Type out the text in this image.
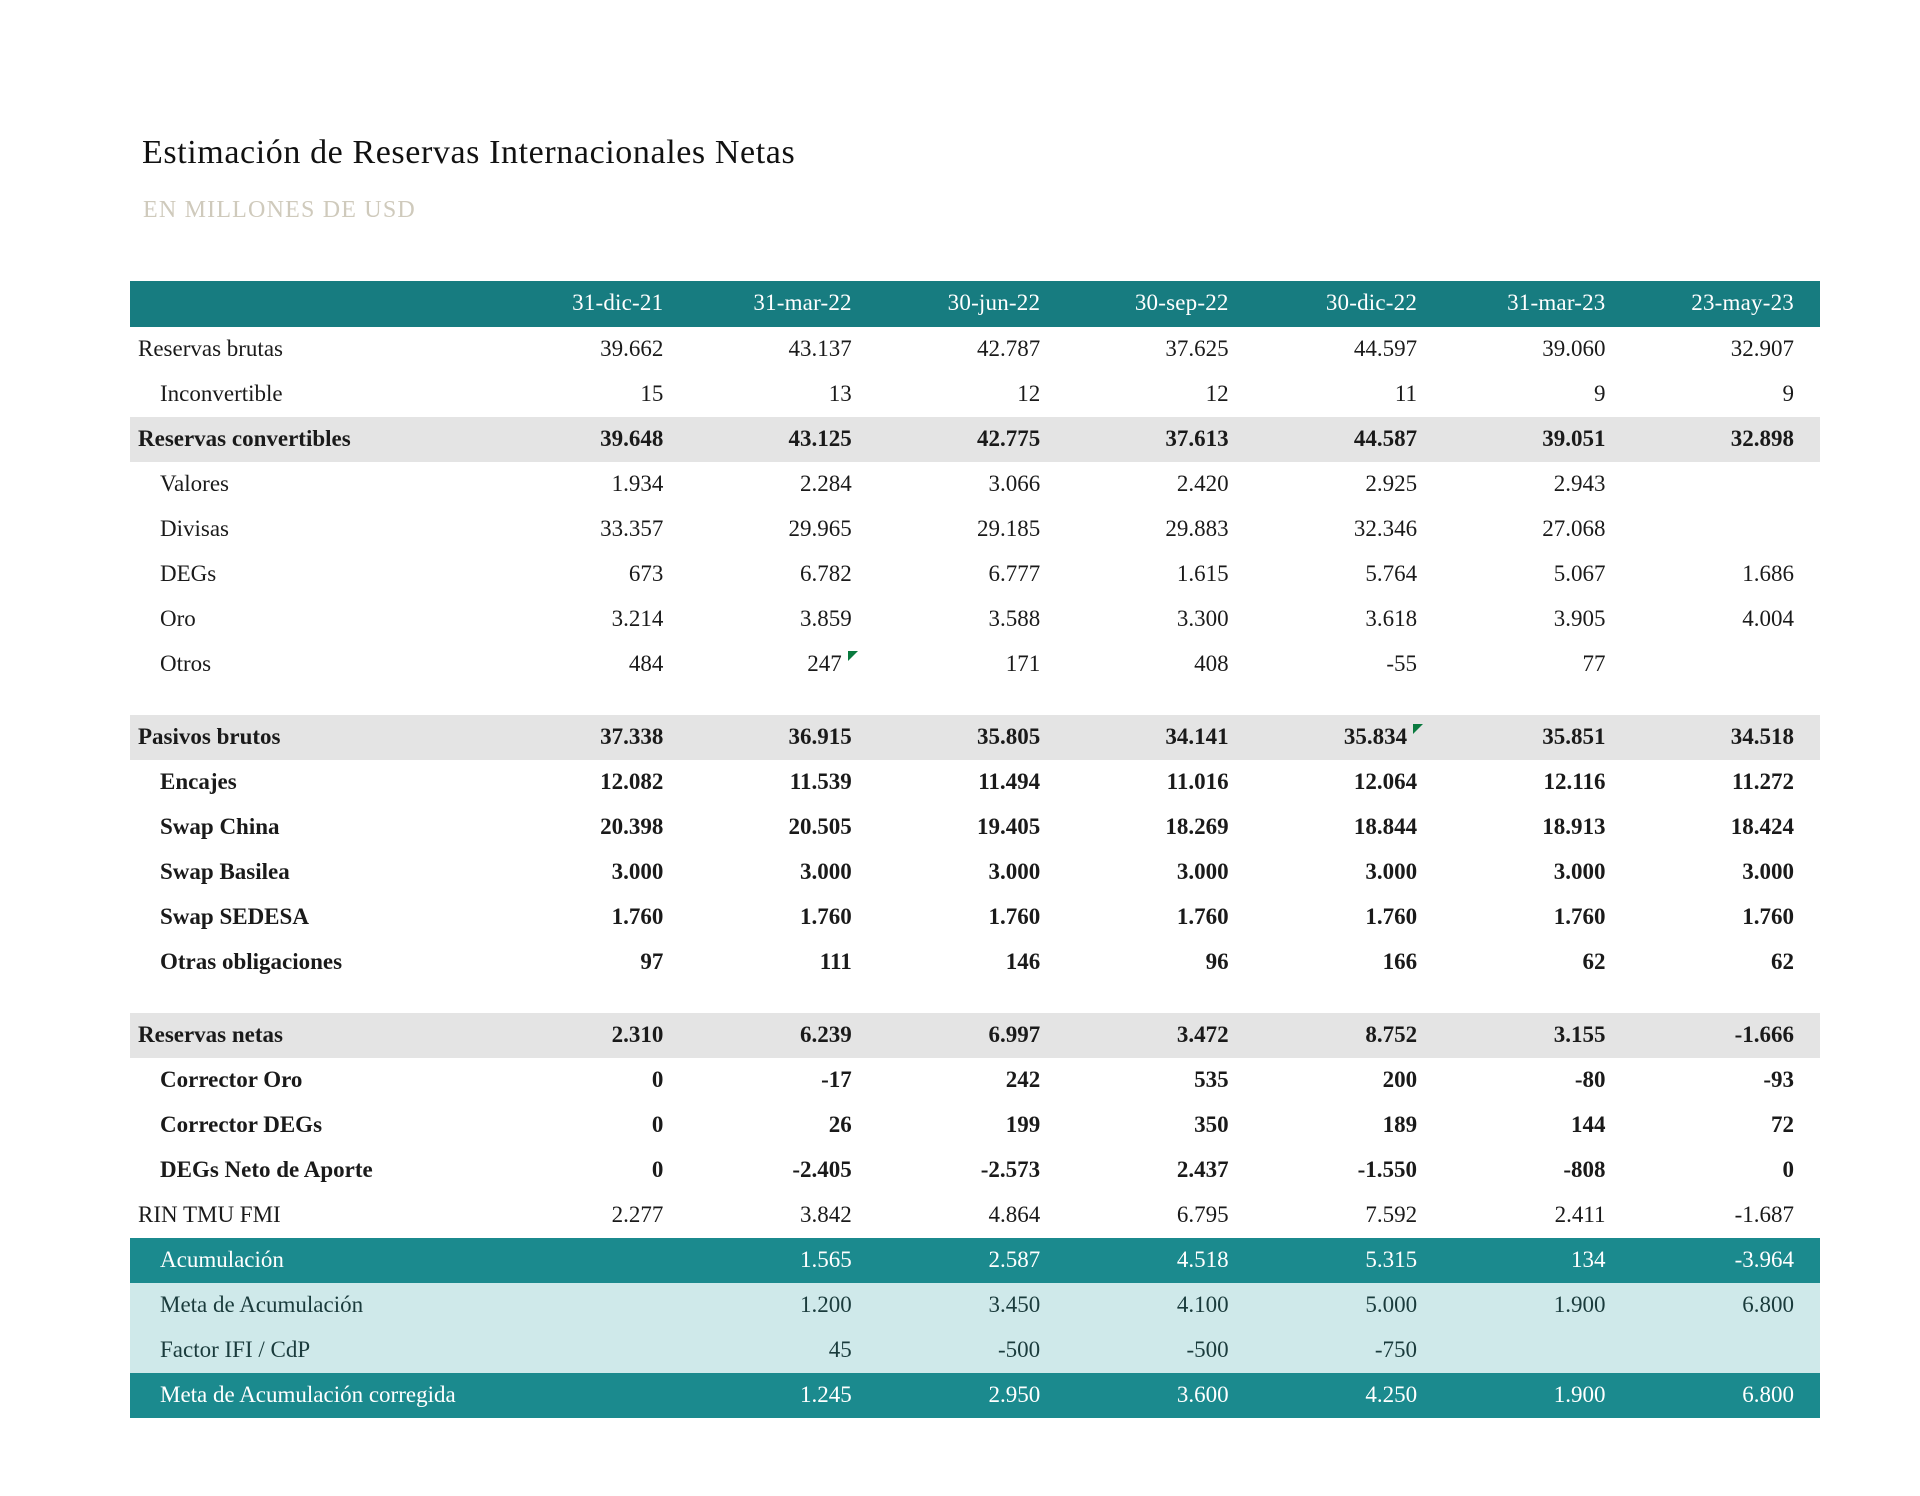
Estimación de Reservas Internacionales Netas
EN MILLONES DE USD
	31-dic-21	31-mar-22	30-jun-22	30-sep-22	30-dic-22	31-mar-23	23-may-23
Reservas brutas	39.662	43.137	42.787	37.625	44.597	39.060	32.907
Inconvertible	15	13	12	12	11	9	9
Reservas convertibles	39.648	43.125	42.775	37.613	44.587	39.051	32.898
Valores	1.934	2.284	3.066	2.420	2.925	2.943	
Divisas	33.357	29.965	29.185	29.883	32.346	27.068	
DEGs	673	6.782	6.777	1.615	5.764	5.067	1.686
Oro	3.214	3.859	3.588	3.300	3.618	3.905	4.004
Otros	484	247	171	408	-55	77	

Pasivos brutos	37.338	36.915	35.805	34.141	35.834	35.851	34.518
Encajes	12.082	11.539	11.494	11.016	12.064	12.116	11.272
Swap China	20.398	20.505	19.405	18.269	18.844	18.913	18.424
Swap Basilea	3.000	3.000	3.000	3.000	3.000	3.000	3.000
Swap SEDESA	1.760	1.760	1.760	1.760	1.760	1.760	1.760
Otras obligaciones	97	111	146	96	166	62	62

Reservas netas	2.310	6.239	6.997	3.472	8.752	3.155	-1.666
Corrector Oro	0	-17	242	535	200	-80	-93
Corrector DEGs	0	26	199	350	189	144	72
DEGs Neto de Aporte	0	-2.405	-2.573	2.437	-1.550	-808	0
RIN TMU FMI	2.277	3.842	4.864	6.795	7.592	2.411	-1.687
Acumulación		1.565	2.587	4.518	5.315	134	-3.964
Meta de Acumulación		1.200	3.450	4.100	5.000	1.900	6.800
Factor IFI / CdP		45	-500	-500	-750		
Meta de Acumulación corregida		1.245	2.950	3.600	4.250	1.900	6.800
